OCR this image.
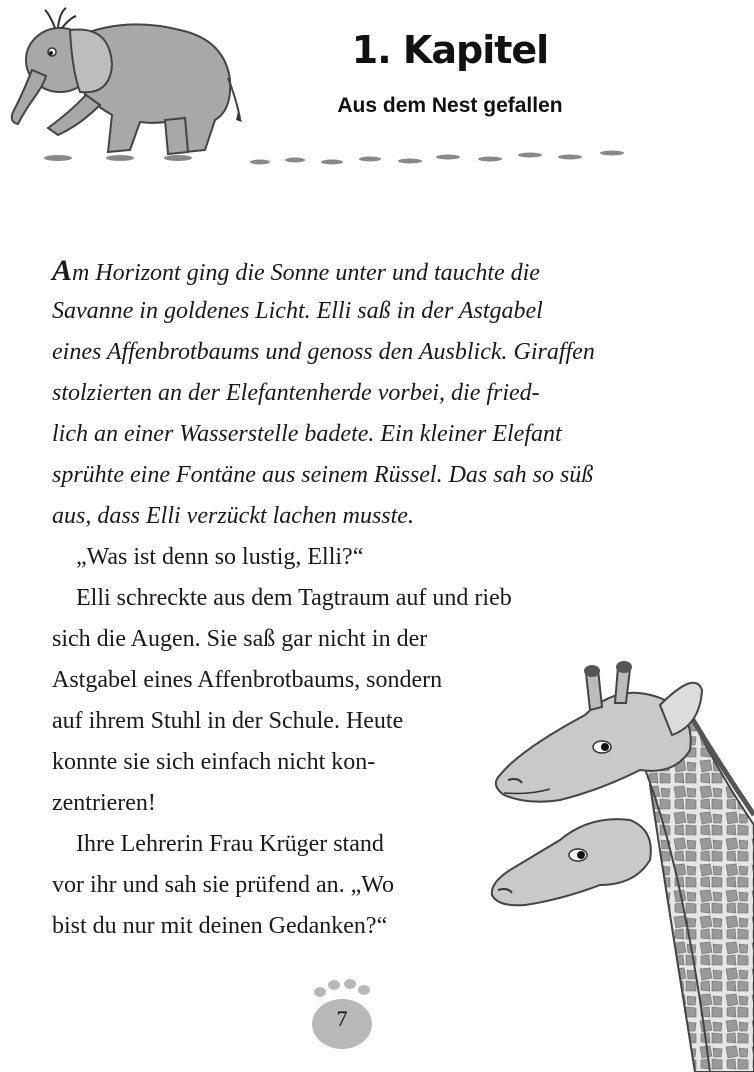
1. Kapitel
Aus dem Nest gefallen
Am Horizont ging die Sonne unter und tauchte die
Savanne in goldenes Licht. Elli saß in der Astgabel
eines Affenbrotbaums und genoss den Ausblick. Giraffen
stolzierten an der Elefantenherde vorbei, die fried-
lich an einer Wasserstelle badete. Ein kleiner Elefant
sprühte eine Fontäne aus seinem Rüssel. Das sah so süß
aus, dass Elli verzückt lachen musste.
„Was ist denn so lustig, Elli?“
Elli schreckte aus dem Tagtraum auf und rieb
sich die Augen. Sie saß gar nicht in der
Astgabel eines Affenbrotbaums, sondern
auf ihrem Stuhl in der Schule. Heute
konnte sie sich einfach nicht kon-
zentrieren!
Ihre Lehrerin Frau Krüger stand
vor ihr und sah sie prüfend an. „Wo
bist du nur mit deinen Gedanken?“
7
